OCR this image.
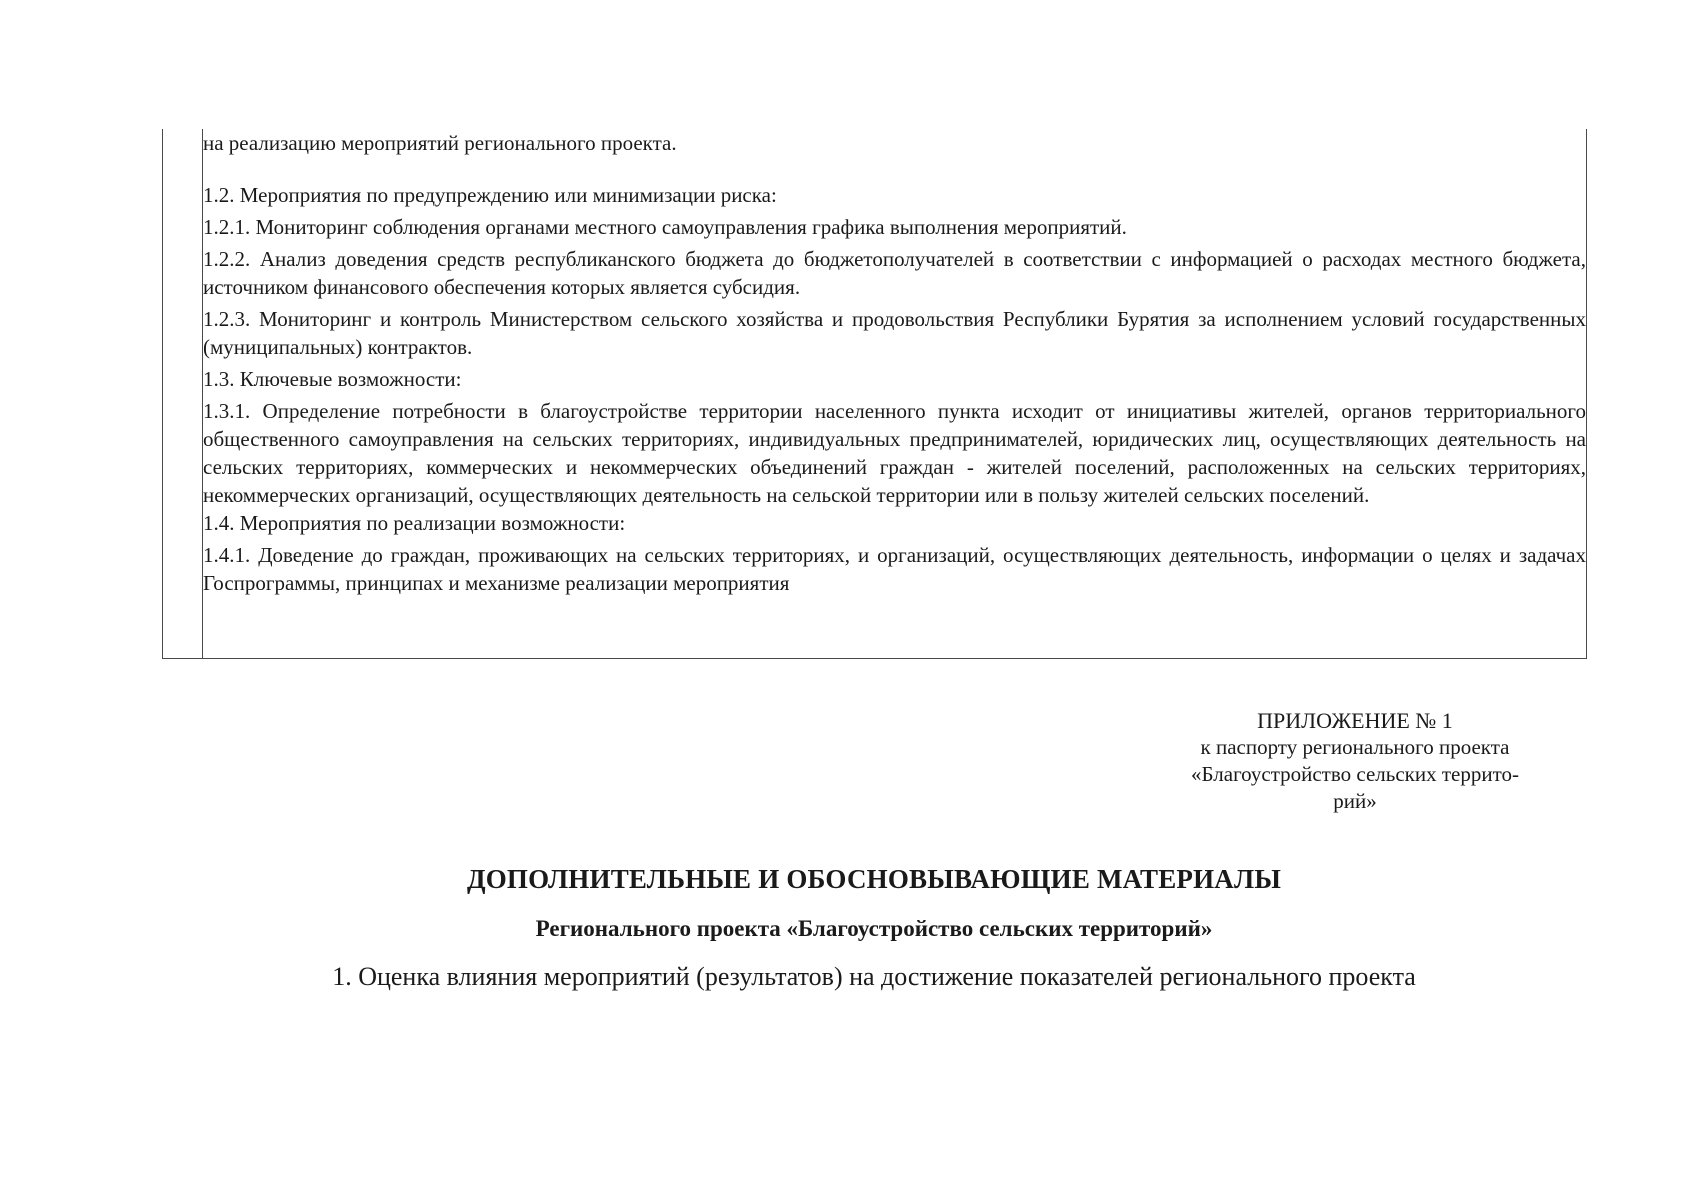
на реализацию мероприятий регионального проекта.

1.2. Мероприятия по предупреждению или минимизации риска:

1.2.1. Мониторинг соблюдения органами местного самоуправления графика выполнения мероприятий.

1.2.2. Анализ доведения средств республиканского бюджета до бюджетополучателей в соответствии с информацией о расходах местного бюджета, источником финансового обеспечения которых является субсидия.

1.2.3. Мониторинг и контроль Министерством сельского хозяйства и продовольствия Республики Бурятия за исполнением условий государственных (муниципальных) контрактов.

1.3. Ключевые возможности:

1.3.1. Определение потребности в благоустройстве территории населенного пункта исходит от инициативы жителей, органов территориального общественного самоуправления на сельских территориях, индивидуальных предпринимателей, юридических лиц, осуществляющих деятельность на сельских территориях, коммерческих и некоммерческих объединений граждан - жителей поселений, расположенных на сельских территориях, некоммерческих организаций, осуществляющих деятельность на сельской территории или в пользу жителей сельских поселений.

1.4. Мероприятия по реализации возможности:

1.4.1. Доведение до граждан, проживающих на сельских территориях, и организаций, осуществляющих деятельность, информации о целях и задачах Госпрограммы, принципах и механизме реализации мероприятия

ПРИЛОЖЕНИЕ № 1
к паспорту регионального проекта
«Благоустройство сельских террито-
рий»
ДОПОЛНИТЕЛЬНЫЕ И ОБОСНОВЫВАЮЩИЕ МАТЕРИАЛЫ
Регионального проекта «Благоустройство сельских территорий»
1. Оценка влияния мероприятий (результатов) на достижение показателей регионального проекта
